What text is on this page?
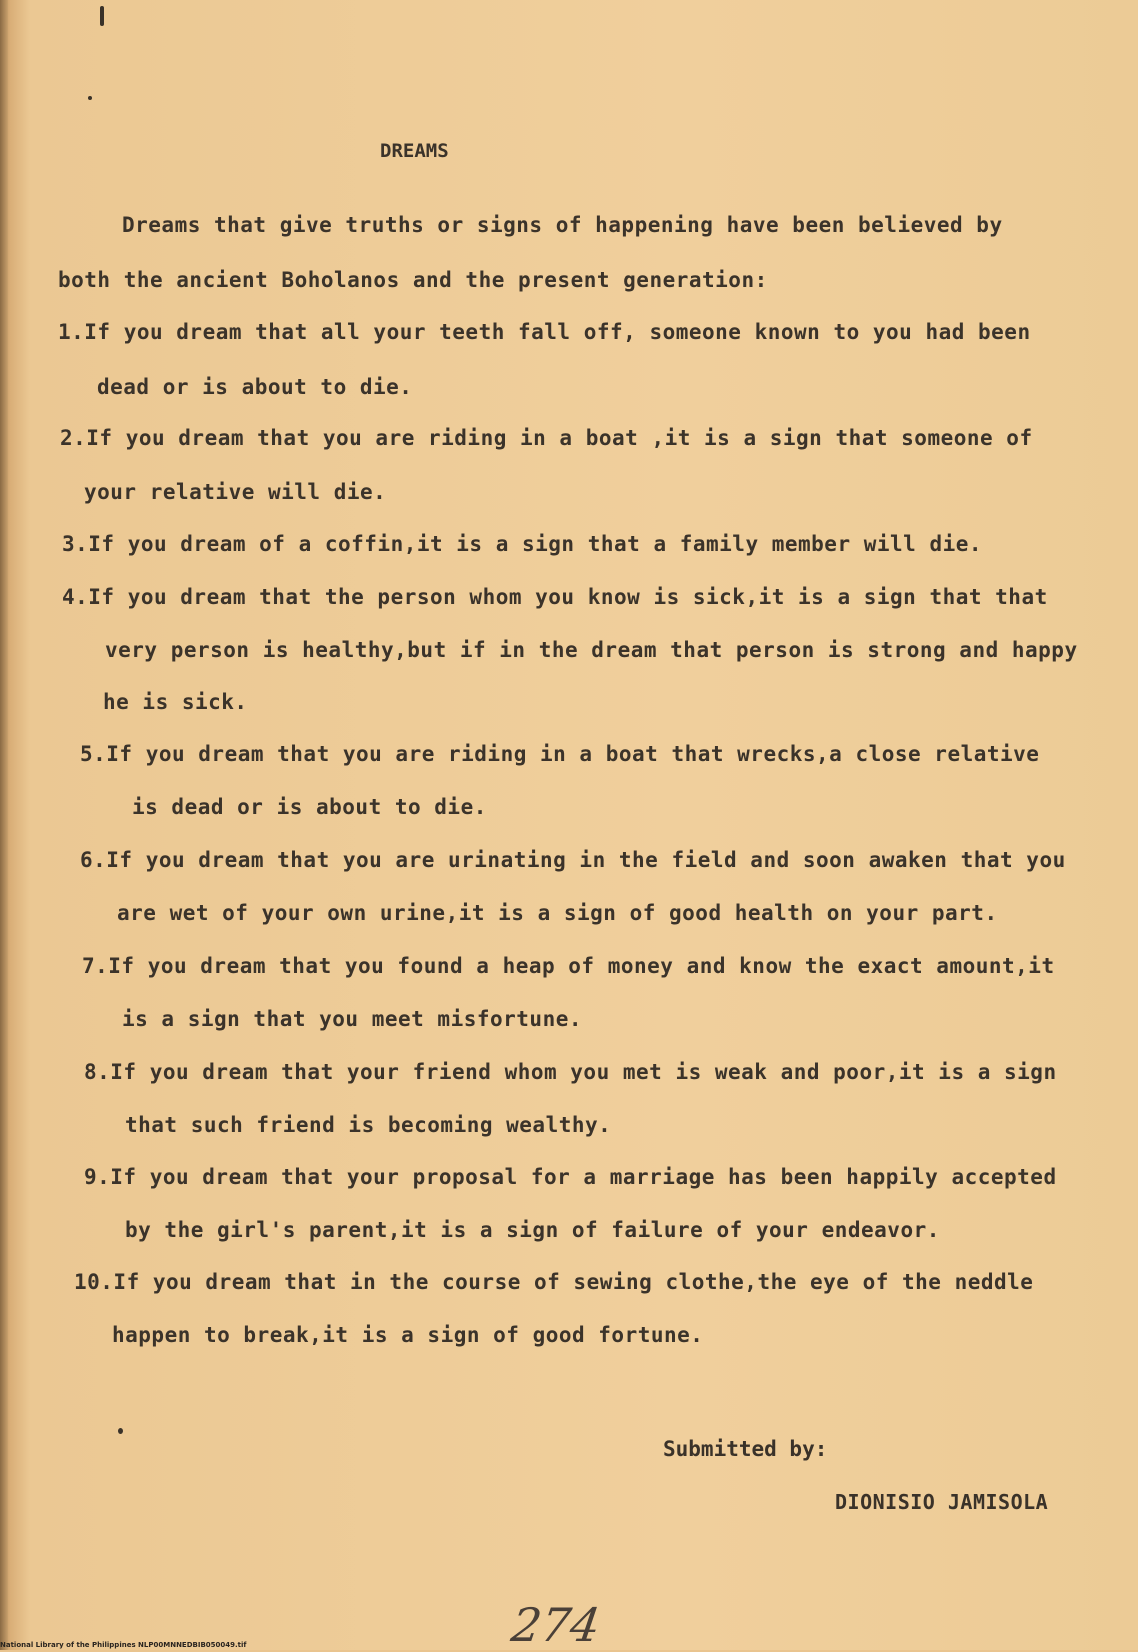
DREAMS
Dreams that give truths or signs of happening have been believed by
both the ancient Boholanos and the present generation:
1.If you dream that all your teeth fall off, someone known to you had been
dead or is about to die.
2.If you dream that you are riding in a boat ,it is a sign that someone of
your relative will die.
3.If you dream of a coffin,it is a sign that a family member will die.
4.If you dream that the person whom you know is sick,it is a sign that that
very person is healthy,but if in the dream that person is strong and happy
he is sick.
5.If you dream that you are riding in a boat that wrecks,a close relative
is dead or is about to die.
6.If you dream that you are urinating in the field and soon awaken that you
are wet of your own urine,it is a sign of good health on your part.
7.If you dream that you found a heap of money and know the exact amount,it
is a sign that you meet misfortune.
8.If you dream that your friend whom you met is weak and poor,it is a sign
that such friend is becoming wealthy.
9.If you dream that your proposal for a marriage has been happily accepted
by the girl's parent,it is a sign of failure of your endeavor.
10.If you dream that in the course of sewing clothe,the eye of the neddle
happen to break,it is a sign of good fortune.
Submitted by:
DIONISIO JAMISOLA
274
National Library of the Philippines NLP00MNNEDBIB050049.tif
